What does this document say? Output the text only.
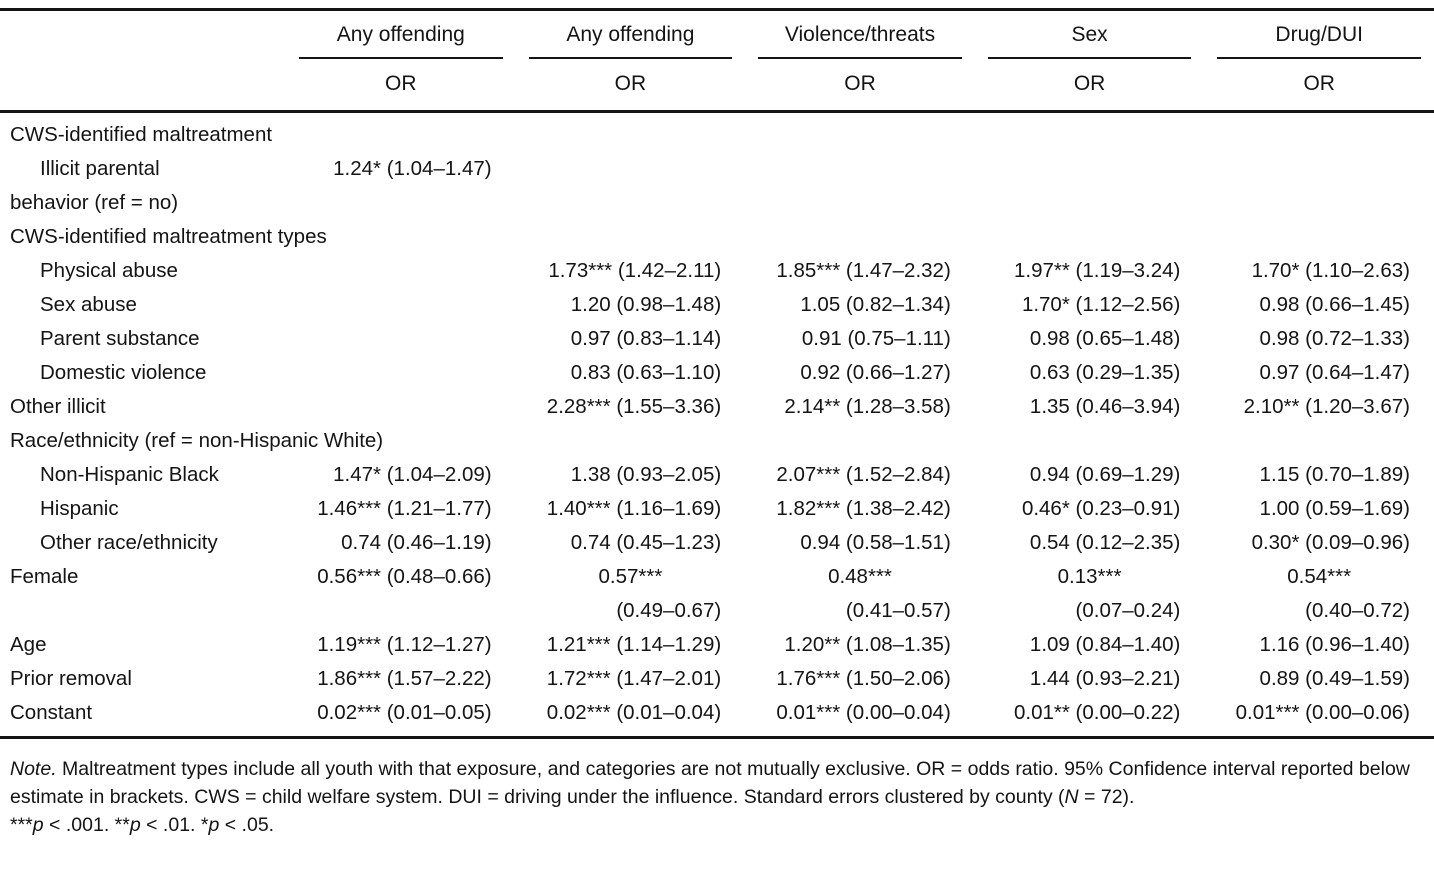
	Any offending	Any offending	Violence/threats	Sex	Drug/DUI

	OR	OR	OR	OR	OR
CWS-identified maltreatment					
Illicit parental	1.24* (1.04–1.47)				
behavior (ref = no)					
CWS-identified maltreatment types					
Physical abuse		1.73*** (1.42–2.11)	1.85*** (1.47–2.32)	1.97** (1.19–3.24)	1.70* (1.10–2.63)
Sex abuse		1.20 (0.98–1.48)	1.05 (0.82–1.34)	1.70* (1.12–2.56)	0.98 (0.66–1.45)
Parent substance		0.97 (0.83–1.14)	0.91 (0.75–1.11)	0.98 (0.65–1.48)	0.98 (0.72–1.33)
Domestic violence		0.83 (0.63–1.10)	0.92 (0.66–1.27)	0.63 (0.29–1.35)	0.97 (0.64–1.47)
Other illicit		2.28*** (1.55–3.36)	2.14** (1.28–3.58)	1.35 (0.46–3.94)	2.10** (1.20–3.67)
Race/ethnicity (ref = non-Hispanic White)					
Non-Hispanic Black	1.47* (1.04–2.09)	1.38 (0.93–2.05)	2.07*** (1.52–2.84)	0.94 (0.69–1.29)	1.15 (0.70–1.89)
Hispanic	1.46*** (1.21–1.77)	1.40*** (1.16–1.69)	1.82*** (1.38–2.42)	0.46* (0.23–0.91)	1.00 (0.59–1.69)
Other race/ethnicity	0.74 (0.46–1.19)	0.74 (0.45–1.23)	0.94 (0.58–1.51)	0.54 (0.12–2.35)	0.30* (0.09–0.96)
Female	0.56*** (0.48–0.66)	0.57***	0.48***	0.13***	0.54***
		(0.49–0.67)	(0.41–0.57)	(0.07–0.24)	(0.40–0.72)
Age	1.19*** (1.12–1.27)	1.21*** (1.14–1.29)	1.20** (1.08–1.35)	1.09 (0.84–1.40)	1.16 (0.96–1.40)
Prior removal	1.86*** (1.57–2.22)	1.72*** (1.47–2.01)	1.76*** (1.50–2.06)	1.44 (0.93–2.21)	0.89 (0.49–1.59)
Constant	0.02*** (0.01–0.05)	0.02*** (0.01–0.04)	0.01*** (0.00–0.04)	0.01** (0.00–0.22)	0.01*** (0.00–0.06)

Note. Maltreatment types include all youth with that exposure, and categories are not mutually exclusive. OR = odds ratio. 95% Confidence interval reported below estimate in brackets. CWS = child welfare system. DUI = driving under the influence. Standard errors clustered by county (N = 72).

***p < .001. **p < .01. *p < .05.
